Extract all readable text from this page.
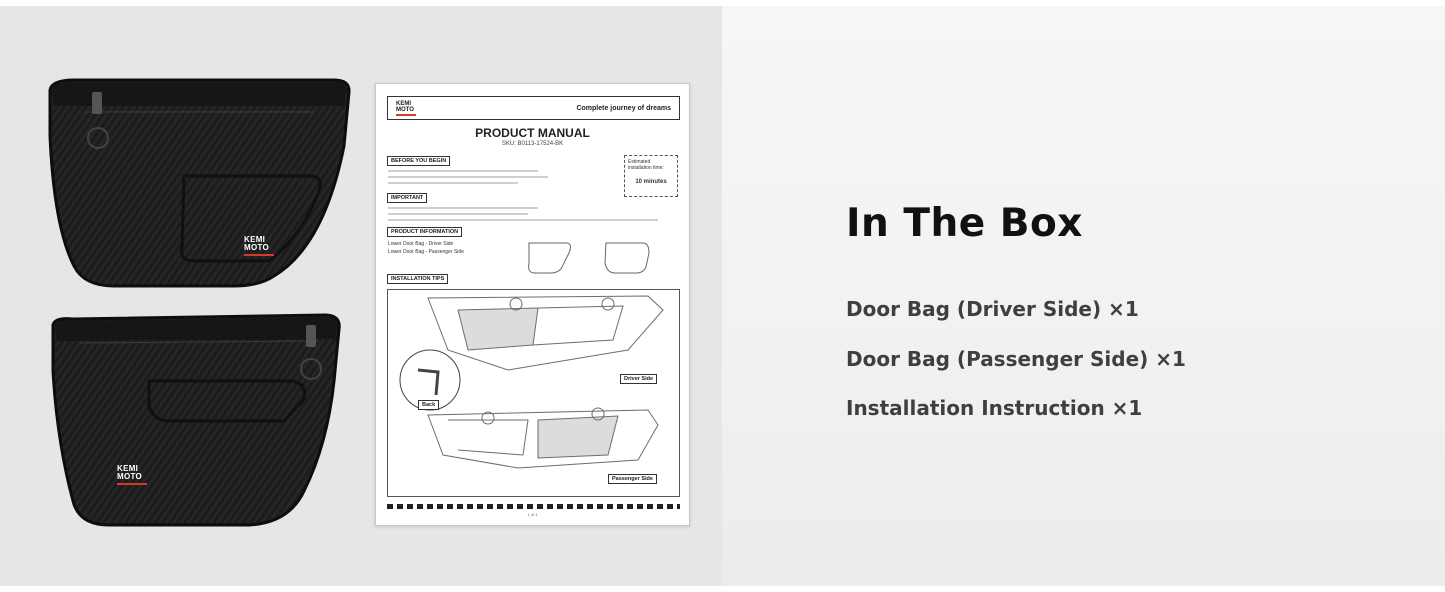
KEMI
MOTO
KEMI
MOTO
KEMI
MOTO	Complete journey of dreams
PRODUCT MANUAL
SKU: B0113-17524-BK
BEFORE YOU BEGIN	Estimated installation time:
10 minutes
IMPORTANT
PRODUCT INFORMATION
Lower Door Bag - Driver Side
Lower Door Bag - Passenger Side
INSTALLATION TIPS
Back
Driver Side
Passenger Side
1 of 1
In The Box
Door Bag (Driver Side) ×1
Door Bag (Passenger Side) ×1
Installation Instruction ×1
